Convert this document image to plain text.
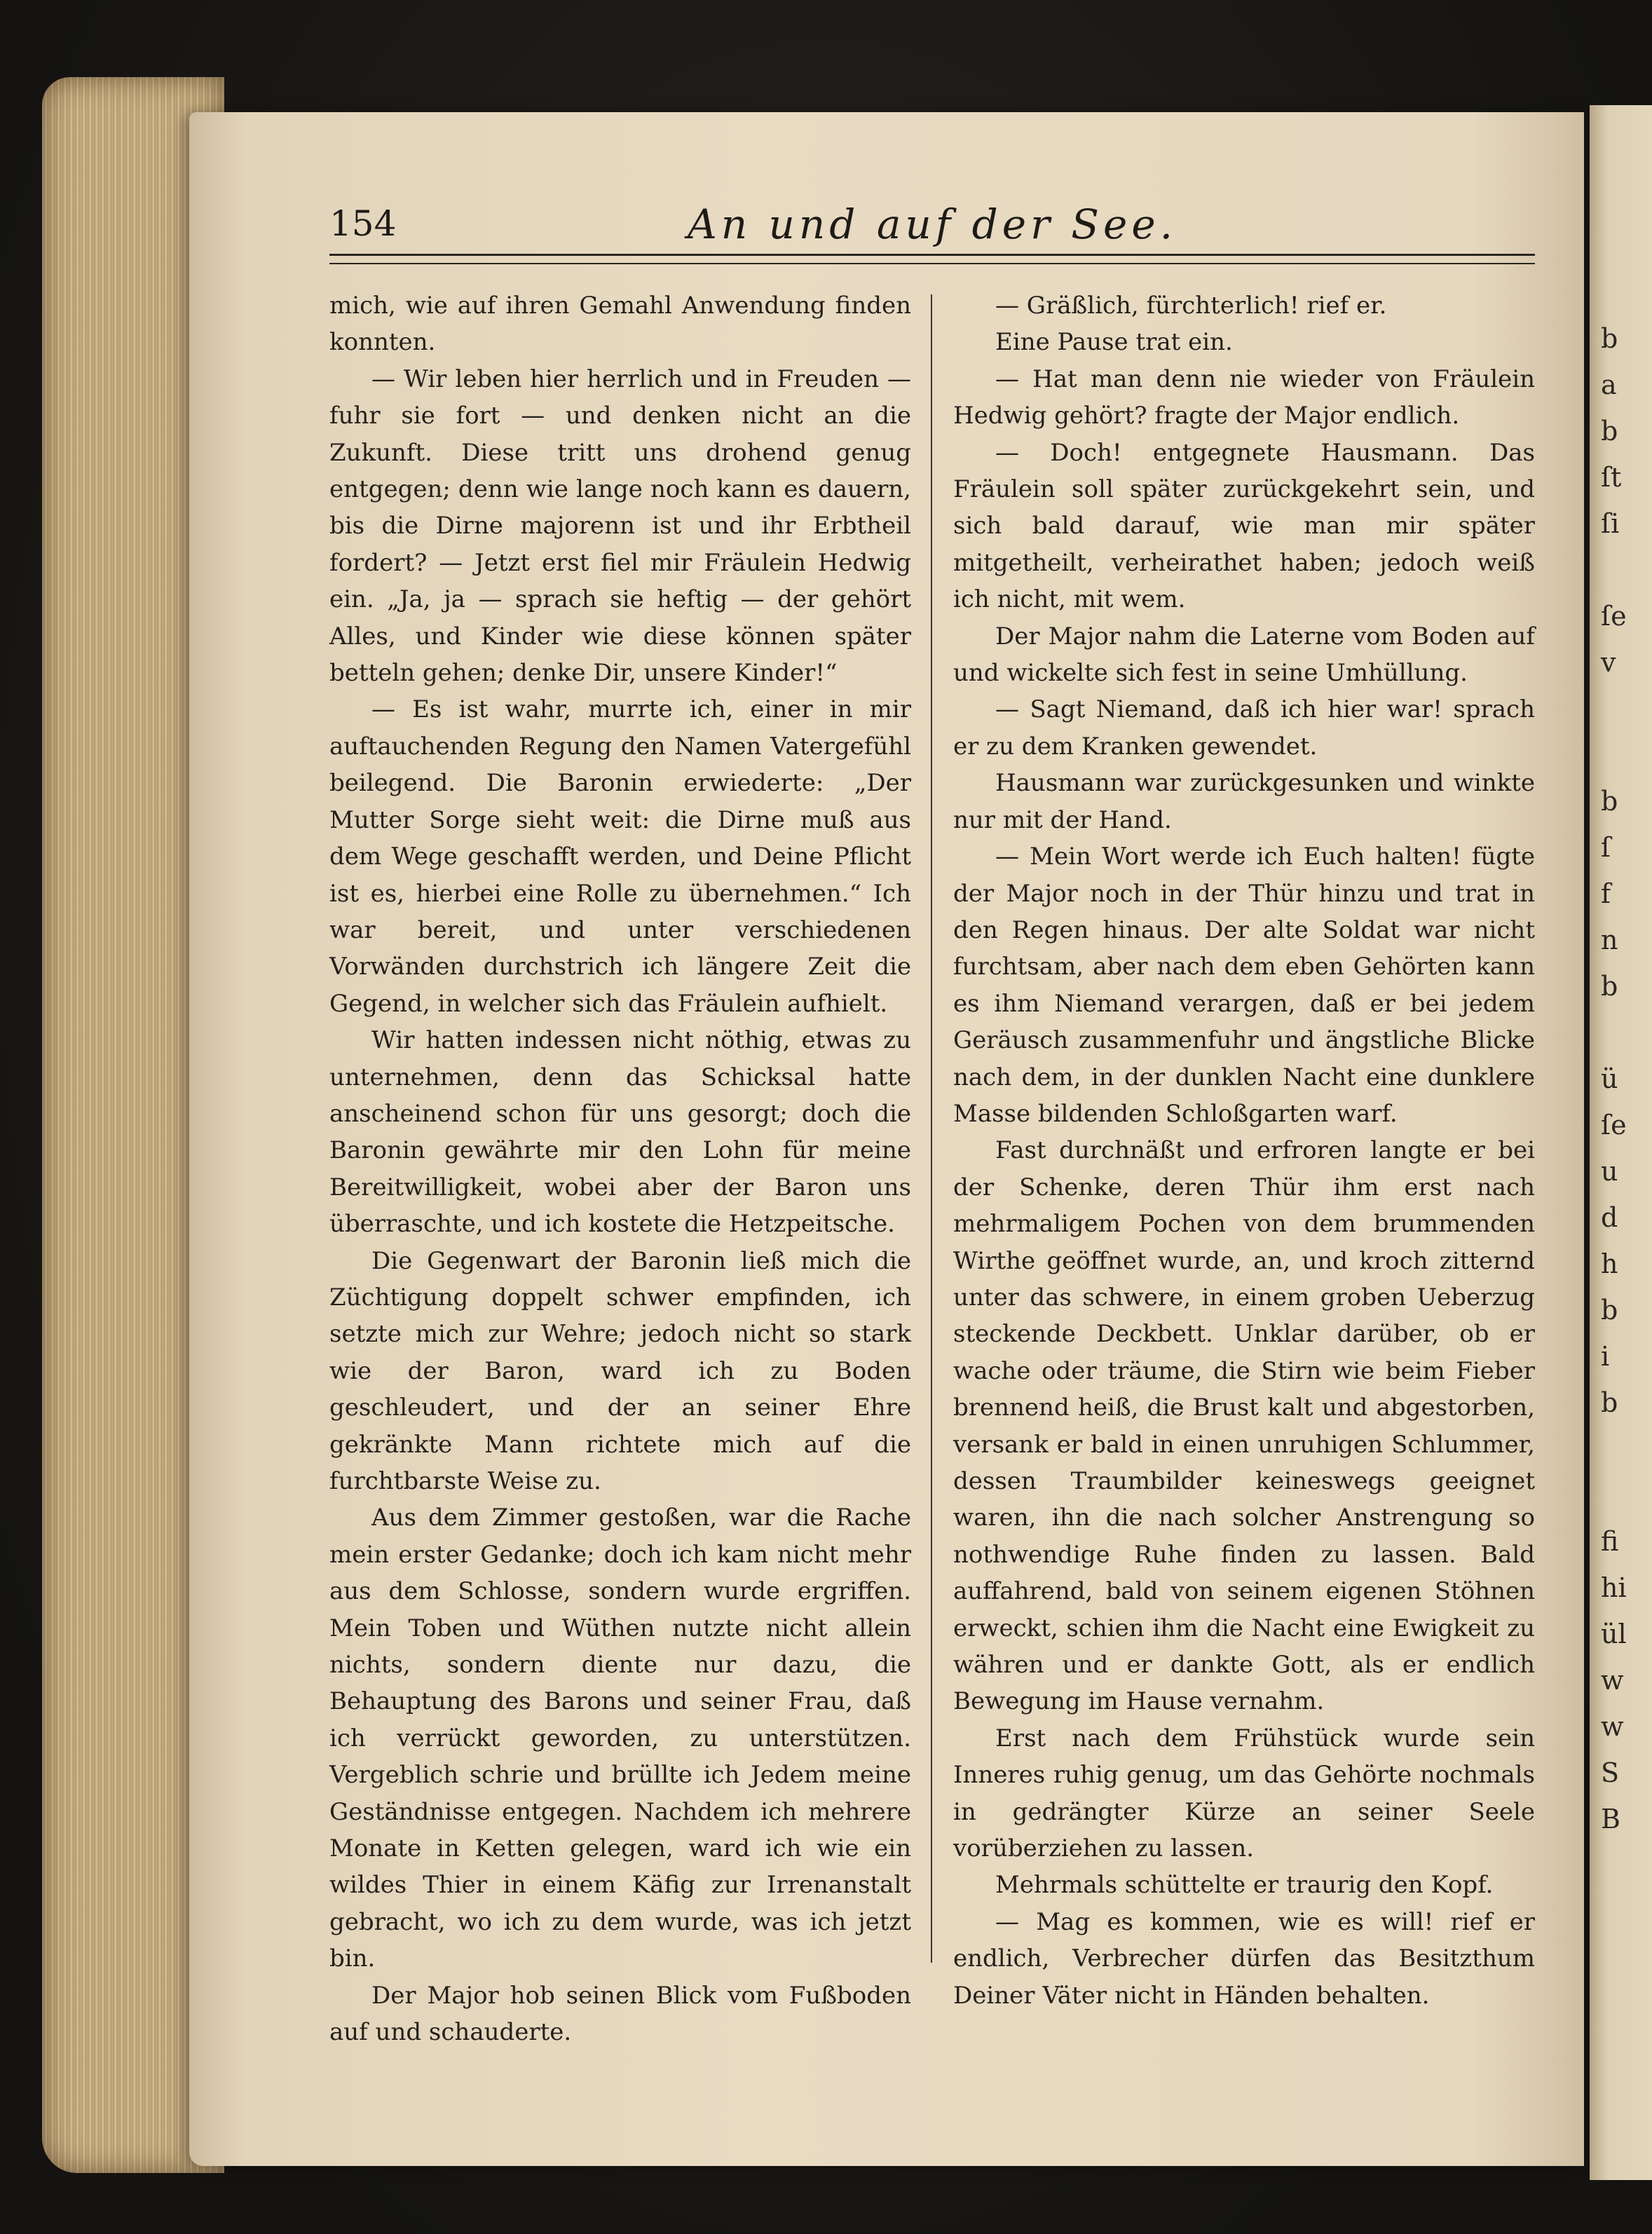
b
a
b
ſt
ſi

ſe
v

b
ſ
f
n
b

ü
ſe
u
d
h
b
i
b

fi
hi
ül
w
w
S
B
154	An und auf der See.

mich, wie auf ihren Gemahl Anwendung finden konnten.

— Wir leben hier herrlich und in Freuden — fuhr sie fort — und denken nicht an die Zukunft. Diese tritt uns drohend genug entgegen; denn wie lange noch kann es dauern, bis die Dirne majorenn ist und ihr Erbtheil fordert? — Jetzt erst fiel mir Fräulein Hedwig ein. „Ja, ja — sprach sie heftig — der gehört Alles, und Kinder wie diese können später betteln gehen; denke Dir, unsere Kinder!“

— Es ist wahr, murrte ich, einer in mir auftauchenden Regung den Namen Vatergefühl beilegend. Die Baronin erwiederte: „Der Mutter Sorge sieht weit: die Dirne muß aus dem Wege geschafft werden, und Deine Pflicht ist es, hierbei eine Rolle zu übernehmen.“ Ich war bereit, und unter verschiedenen Vorwänden durchstrich ich längere Zeit die Gegend, in welcher sich das Fräulein aufhielt.

Wir hatten indessen nicht nöthig, etwas zu unternehmen, denn das Schicksal hatte anscheinend schon für uns gesorgt; doch die Baronin gewährte mir den Lohn für meine Bereitwilligkeit, wobei aber der Baron uns überraschte, und ich kostete die Hetzpeitsche.

Die Gegenwart der Baronin ließ mich die Züchtigung doppelt schwer empfinden, ich setzte mich zur Wehre; jedoch nicht so stark wie der Baron, ward ich zu Boden geschleudert, und der an seiner Ehre gekränkte Mann richtete mich auf die furchtbarste Weise zu.

Aus dem Zimmer gestoßen, war die Rache mein erster Gedanke; doch ich kam nicht mehr aus dem Schlosse, sondern wurde ergriffen. Mein Toben und Wüthen nutzte nicht allein nichts, sondern diente nur dazu, die Behauptung des Barons und seiner Frau, daß ich verrückt geworden, zu unterstützen. Vergeblich schrie und brüllte ich Jedem meine Geständnisse entgegen. Nachdem ich mehrere Monate in Ketten gelegen, ward ich wie ein wildes Thier in einem Käfig zur Irrenanstalt gebracht, wo ich zu dem wurde, was ich jetzt bin.

Der Major hob seinen Blick vom Fußboden auf und schauderte.

— Gräßlich, fürchterlich! rief er.

Eine Pause trat ein.

— Hat man denn nie wieder von Fräulein Hedwig gehört? fragte der Major endlich.

— Doch! entgegnete Hausmann. Das Fräulein soll später zurückgekehrt sein, und sich bald darauf, wie man mir später mitgetheilt, verheirathet haben; jedoch weiß ich nicht, mit wem.

Der Major nahm die Laterne vom Boden auf und wickelte sich fest in seine Umhüllung.

— Sagt Niemand, daß ich hier war! sprach er zu dem Kranken gewendet.

Hausmann war zurückgesunken und winkte nur mit der Hand.

— Mein Wort werde ich Euch halten! fügte der Major noch in der Thür hinzu und trat in den Regen hinaus. Der alte Soldat war nicht furchtsam, aber nach dem eben Gehörten kann es ihm Niemand verargen, daß er bei jedem Geräusch zusammenfuhr und ängstliche Blicke nach dem, in der dunklen Nacht eine dunklere Masse bildenden Schloßgarten warf.

Fast durchnäßt und erfroren langte er bei der Schenke, deren Thür ihm erst nach mehrmaligem Pochen von dem brummenden Wirthe geöffnet wurde, an, und kroch zitternd unter das schwere, in einem groben Ueberzug steckende Deckbett. Unklar darüber, ob er wache oder träume, die Stirn wie beim Fieber brennend heiß, die Brust kalt und abgestorben, versank er bald in einen unruhigen Schlummer, dessen Traumbilder keineswegs geeignet waren, ihn die nach solcher Anstrengung so nothwendige Ruhe finden zu lassen. Bald auffahrend, bald von seinem eigenen Stöhnen erweckt, schien ihm die Nacht eine Ewigkeit zu währen und er dankte Gott, als er endlich Bewegung im Hause vernahm.

Erst nach dem Frühstück wurde sein Inneres ruhig genug, um das Gehörte nochmals in gedrängter Kürze an seiner Seele vorüberziehen zu lassen.

Mehrmals schüttelte er traurig den Kopf.

— Mag es kommen, wie es will! rief er endlich, Verbrecher dürfen das Besitzthum Deiner Väter nicht in Händen behalten.
